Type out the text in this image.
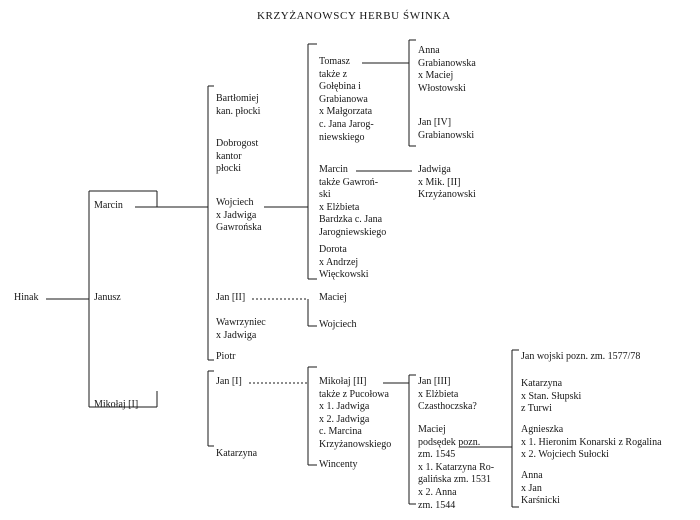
KRZYŻANOWSCY HERBU ŚWINKA
Hinak
Marcin
Janusz
Mikołaj [I]
Bartłomiej
kan. płocki
Dobrogost
kantor
płocki
Wojciech
x Jadwiga
Gawrońska
Tomasz
także z
Gołębina i
Grabianowa
x Małgorzata
c. Jana Jarog-
niewskiego
Marcin
także Gawroń-
ski
x Elżbieta
Bardzka c. Jana
Jarogniewskiego
Dorota
x Andrzej
Więckowski
Anna
Grabianowska
x Maciej
Włostowski
Jan [IV]
Grabianowski
Jadwiga
x Mik. [II]
Krzyżanowski
Jan [II]
Wawrzyniec
x Jadwiga
Piotr
Maciej
Wojciech
Jan [I]
Katarzyna
Mikołaj [II]
także z Pucołowa
x 1. Jadwiga
x 2. Jadwiga
c. Marcina
Krzyżanowskiego
Wincenty
Jan [III]
x Elżbieta
Czasthoczska?
Maciej
podsędek pozn.
zm. 1545
x 1. Katarzyna Ro-
galińska zm. 1531
x 2. Anna
zm. 1544
Jan wojski pozn. zm. 1577/78
Katarzyna
x Stan. Słupski
z Turwi
Agnieszka
x 1. Hieronim Konarski z Rogalina
x 2. Wojciech Sułocki
Anna
x Jan
Karśnicki
